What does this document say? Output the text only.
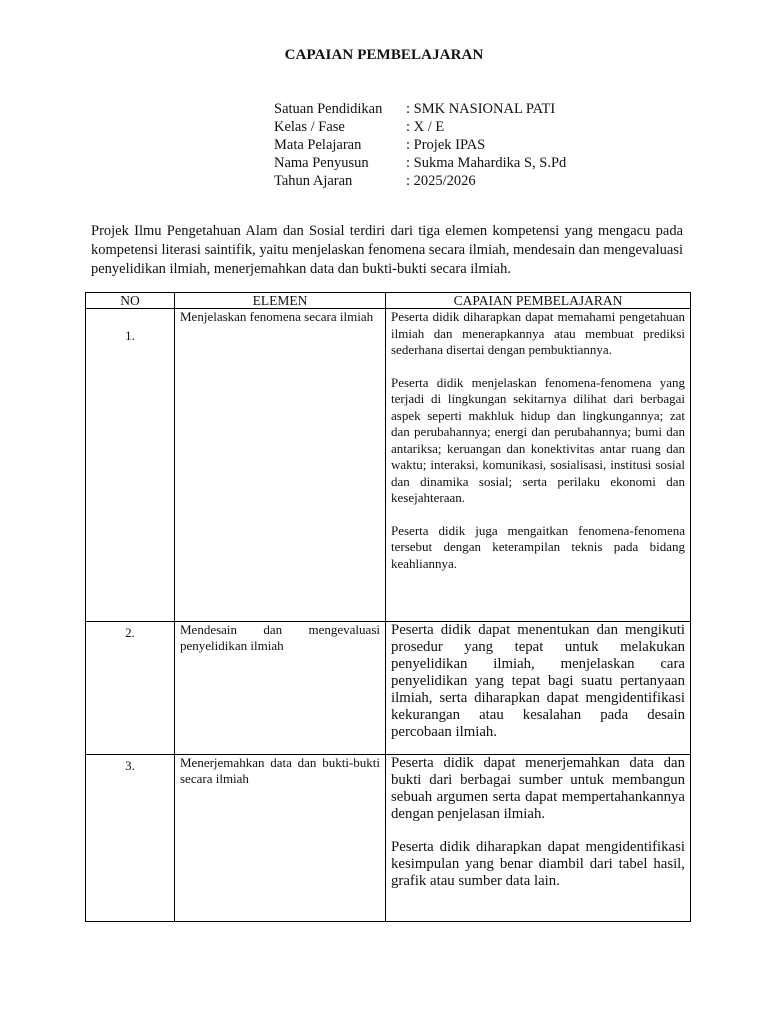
CAPAIAN PEMBELAJARAN
Satuan Pendidikan	: SMK NASIONAL PATI
Kelas / Fase	: X / E
Mata Pelajaran	: Projek IPAS
Nama Penyusun	: Sukma Mahardika S, S.Pd
Tahun Ajaran	: 2025/2026

Projek Ilmu Pengetahuan Alam dan Sosial terdiri dari tiga elemen kompetensi yang mengacu pada kompetensi literasi saintifik, yaitu menjelaskan fenomena secara ilmiah, mendesain dan mengevaluasi penyelidikan ilmiah, menerjemahkan data dan bukti-bukti secara ilmiah.

NO	ELEMEN	CAPAIAN PEMBELAJARAN

1.	Menjelaskan fenomena secara ilmiah	Peserta didik diharapkan dapat memahami pengetahuan ilmiah dan menerapkannya atau membuat prediksi sederhana disertai dengan pembuktiannya.

Peserta didik menjelaskan fenomena-fenomena yang terjadi di lingkungan sekitarnya dilihat dari berbagai aspek seperti makhluk hidup dan lingkungannya; zat dan perubahannya; energi dan perubahannya; bumi dan antariksa; keruangan dan konektivitas antar ruang dan waktu; interaksi, komunikasi, sosialisasi, institusi sosial dan dinamika sosial; serta perilaku ekonomi dan kesejahteraan.

Peserta didik juga mengaitkan fenomena-fenomena tersebut dengan keterampilan teknis pada bidang keahliannya.

2.	Mendesain dan mengevaluasi penyelidikan ilmiah	Peserta didik dapat menentukan dan mengikuti prosedur yang tepat untuk melakukan penyelidikan ilmiah, menjelaskan cara penyelidikan yang tepat bagi suatu pertanyaan ilmiah, serta diharapkan dapat mengidentifikasi kekurangan atau kesalahan pada desain percobaan ilmiah.

3.	Menerjemahkan data dan bukti-bukti secara ilmiah	Peserta didik dapat menerjemahkan data dan bukti dari berbagai sumber untuk membangun sebuah argumen serta dapat mempertahankannya dengan penjelasan ilmiah.

Peserta didik diharapkan dapat mengidentifikasi kesimpulan yang benar diambil dari tabel hasil, grafik atau sumber data lain.
